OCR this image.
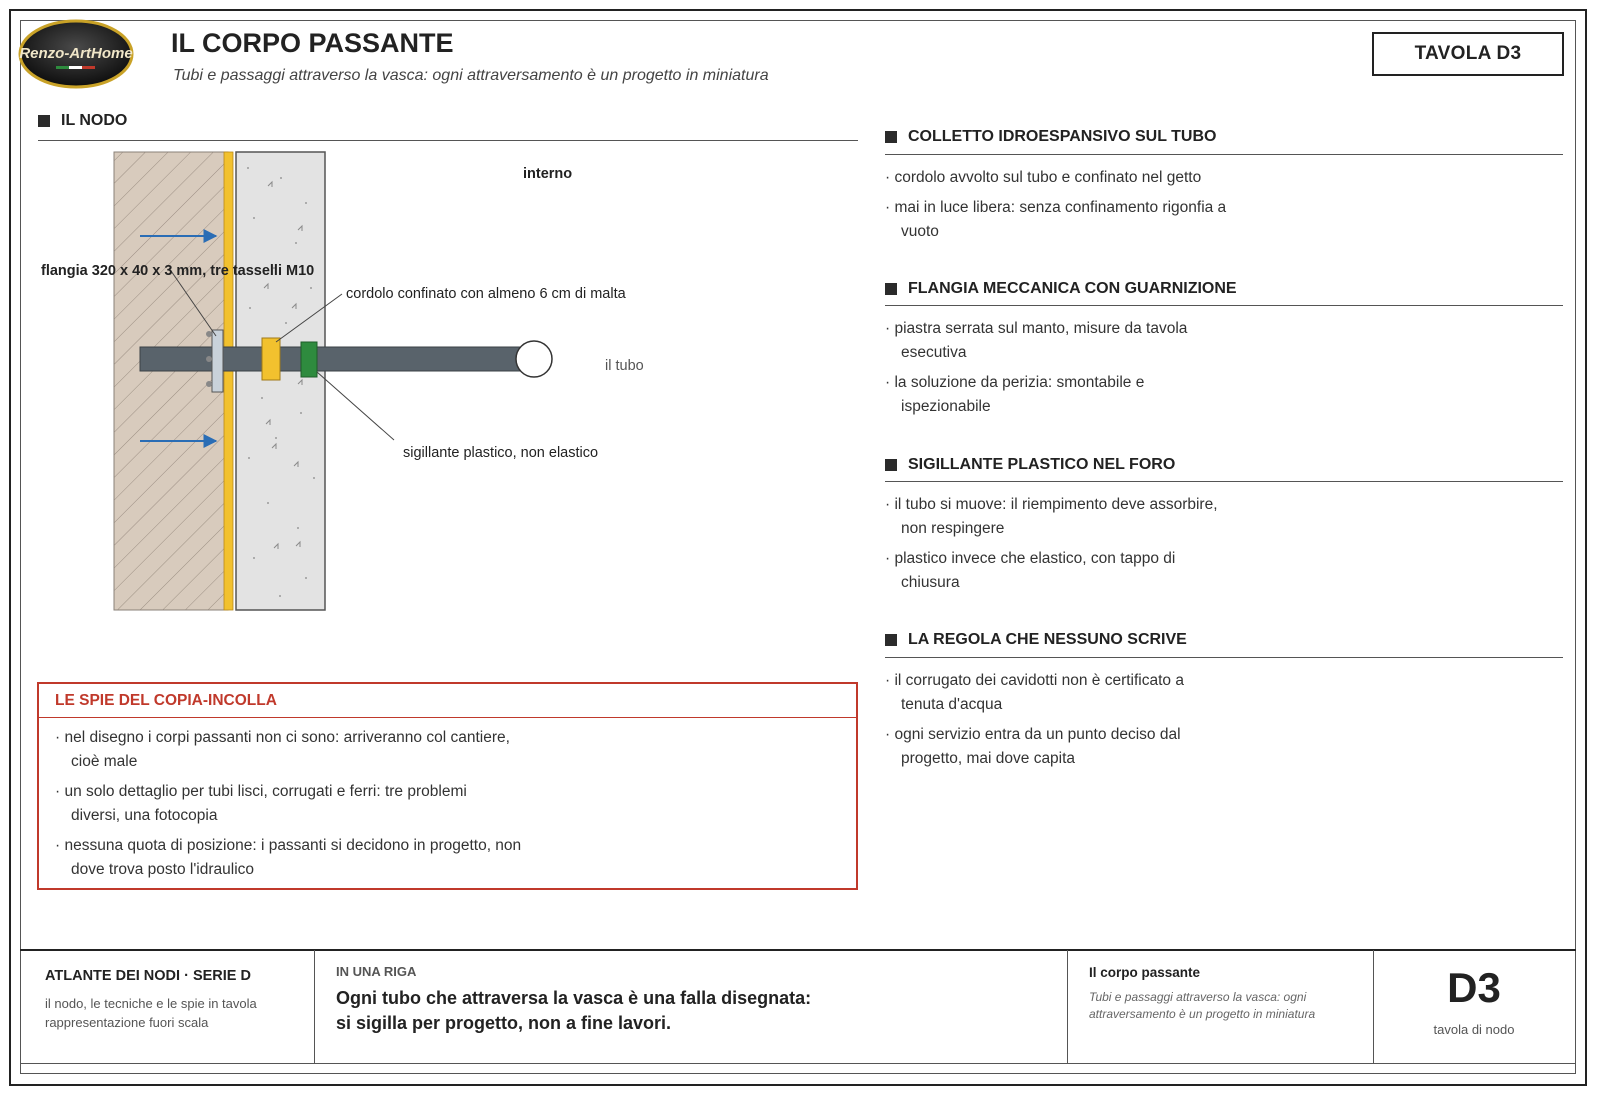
Renzo-ArtHome IL CORPO PASSANTE

Tubi e passaggi attraverso la vasca: ogni attraversamento è un progetto in miniatura

TAVOLA D3
IL NODO
interno
flangia 320 x 40 x 3 mm, tre tasselli M10
cordolo confinato con almeno 6 cm di malta
il tubo
sigillante plastico, non elastico
LE SPIE DEL COPIA-INCOLLA
· nel disegno i corpi passanti non ci sono: arriveranno col cantiere,
cioè male
· un solo dettaglio per tubi lisci, corrugati e ferri: tre problemi
diversi, una fotocopia
· nessuna quota di posizione: i passanti si decidono in progetto, non
dove trova posto l'idraulico
COLLETTO IDROESPANSIVO SUL TUBO
· cordolo avvolto sul tubo e confinato nel getto
· mai in luce libera: senza confinamento rigonfia a
vuoto
FLANGIA MECCANICA CON GUARNIZIONE
· piastra serrata sul manto, misure da tavola
esecutiva
· la soluzione da perizia: smontabile e
ispezionabile
SIGILLANTE PLASTICO NEL FORO
· il tubo si muove: il riempimento deve assorbire,
non respingere
· plastico invece che elastico, con tappo di
chiusura
LA REGOLA CHE NESSUNO SCRIVE
· il corrugato dei cavidotti non è certificato a
tenuta d'acqua
· ogni servizio entra da un punto deciso dal
progetto, mai dove capita
ATLANTE DEI NODI · SERIE D
il nodo, le tecniche e le spie in tavola
rappresentazione fuori scala
IN UNA RIGA
Ogni tubo che attraversa la vasca è una falla disegnata:
si sigilla per progetto, non a fine lavori.
Il corpo passante
Tubi e passaggi attraverso la vasca: ogni attraversamento è un progetto in miniatura
D3
tavola di nodo
